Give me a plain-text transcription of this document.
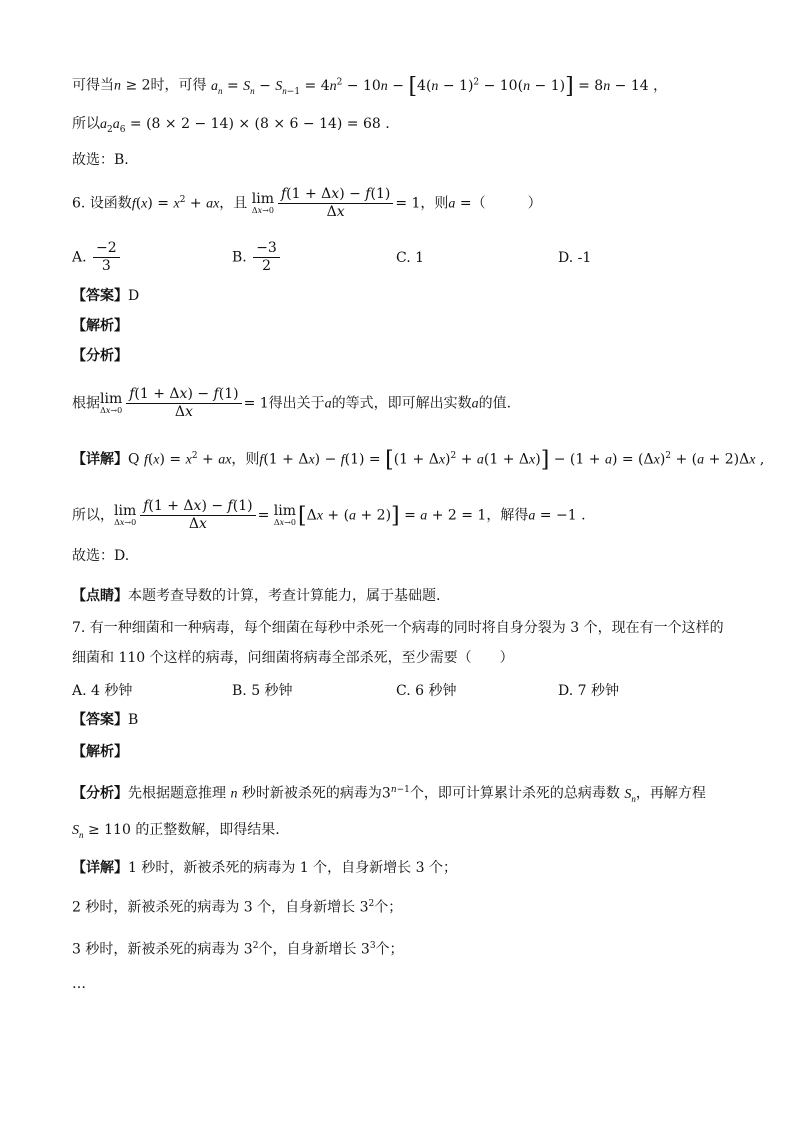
可得当n ≥ 2时，可得 $a_n = S_n - S_{n-1} = 4n^2 - 10n - [4(n - 1)^2 - 10(n - 1)] = 8n - 14$ ，
所以$a_2a_6 = (8 \times 2 - 14) \times (8 \times 6 - 14) = 68$ .
故选：B.
6. 设函数$f(x) = x^2$ + ax，且 lim
$\Delta x\to 0 \frac{f(1 + \Delta x) - f(1)}{\Delta x} = 1$，则a =（　　　）
A. $\frac{-2}{3}$	B. $\frac{-3}{2}$	C. 1	D. -1
【答案】D
【解析】
【分析】
根据lim
$\Delta x\to 0 \frac{f(1 + \Delta x) - f(1)}{\Delta x} = 1$得出关于a的等式，即可解出实数a的值.
【详解】Q $f(x) = x^2$ + ax，则$f(1 + \Delta x) - f(1) = [(1 + \Delta x)^2 + a(1 + \Delta x)] - (1 + a) = (\Delta x)^2 + (a + 2)\Delta x$ ,
所以，lim
$\Delta x\to 0 \frac{f(1 + \Delta x) - f(1)}{\Delta x} = \lim$
Δx→0 [Δx + (a + 2)] = a + 2 = 1，解得a = −1 .
故选：D.
【点睛】本题考查导数的计算，考查计算能力，属于基础题.
7. 有一种细菌和一种病毒，每个细菌在每秒中杀死一个病毒的同时将自身分裂为 3 个，现在有一个这样的
细菌和 110 个这样的病毒，问细菌将病毒全部杀死，至少需要（　　）
A. 4 秒钟	B. 5 秒钟	C. 6 秒钟	D. 7 秒钟
【答案】B
【解析】
【分析】先根据题意推理 n 秒时新被杀死的病毒为$3^{n-1}$个，即可计算累计杀死的总病毒数 $S_n$，再解方程
$S_n \ge 110$ 的正整数解，即得结果.
【详解】1 秒时，新被杀死的病毒为 1 个，自身新增长 3 个；
2 秒时，新被杀死的病毒为 3 个，自身新增长 $3^2$个；
3 秒时，新被杀死的病毒为 $3^2$个，自身新增长 $3^3$个；
…
